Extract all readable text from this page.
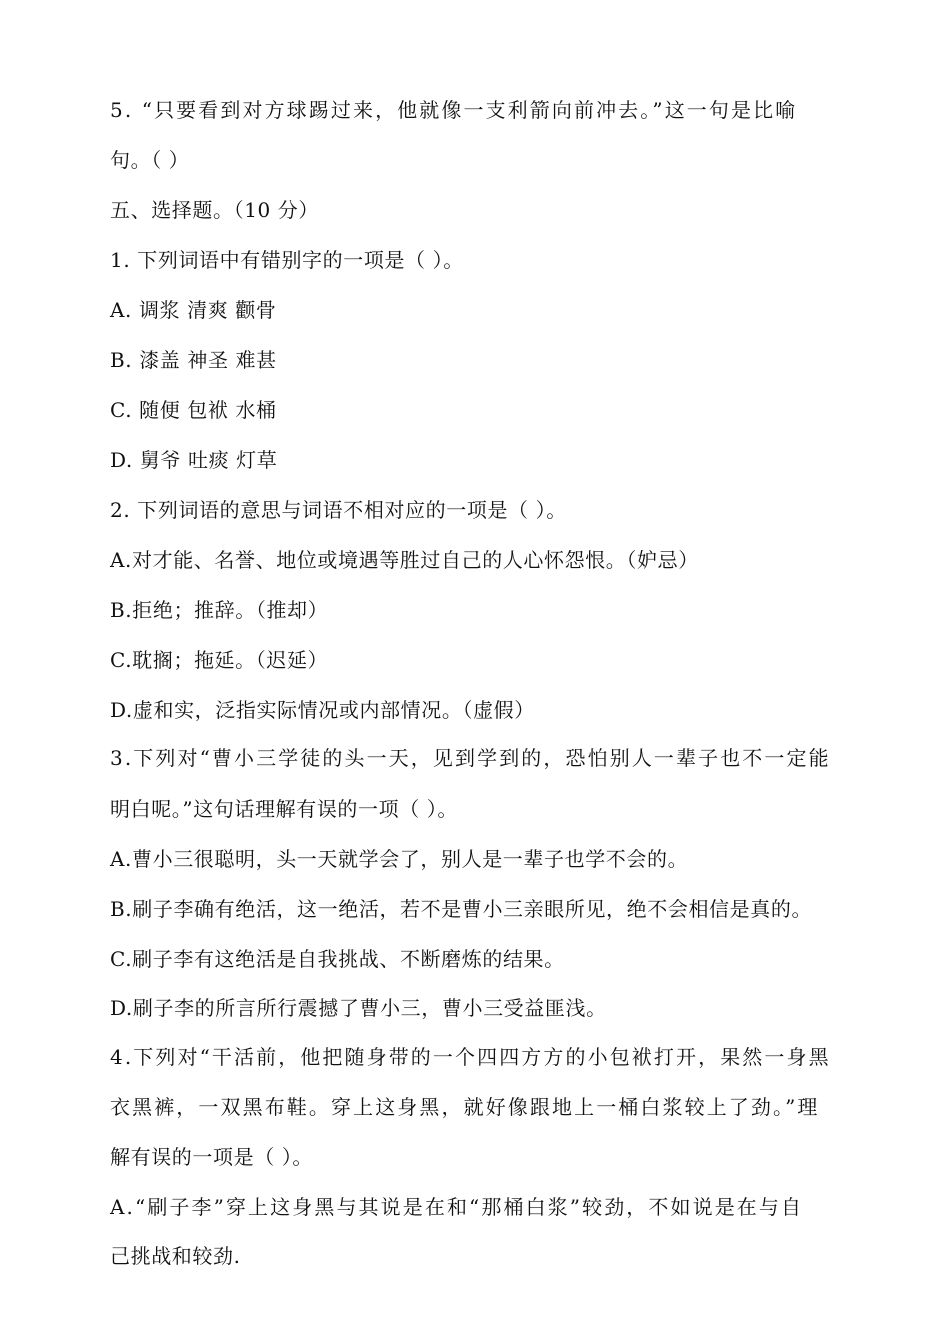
5. “只要看到对方球踢过来，他就像一支利箭向前冲去。”这一句是比喻
句。（ ）
五、选择题。（10 分）
1. 下列词语中有错别字的一项是（ ）。
A. 调浆 清爽 颧骨
B. 漆盖 神圣 难甚
C. 随便 包袱 水桶
D. 舅爷 吐痰 灯草
2. 下列词语的意思与词语不相对应的一项是（ ）。
A.对才能、名誉、地位或境遇等胜过自己的人心怀怨恨。（妒忌）
B.拒绝；推辞。（推却）
C.耽搁；拖延。（迟延）
D.虚和实，泛指实际情况或内部情况。（虚假）
3.下列对“曹小三学徒的头一天，见到学到的，恐怕别人一辈子也不一定能
明白呢。”这句话理解有误的一项（ ）。
A.曹小三很聪明，头一天就学会了，别人是一辈子也学不会的。
B.刷子李确有绝活，这一绝活，若不是曹小三亲眼所见，绝不会相信是真的。
C.刷子李有这绝活是自我挑战、不断磨炼的结果。
D.刷子李的所言所行震撼了曹小三，曹小三受益匪浅。
4.下列对“干活前，他把随身带的一个四四方方的小包袱打开，果然一身黑
衣黑裤，一双黑布鞋。穿上这身黑，就好像跟地上一桶白浆较上了劲。”理
解有误的一项是（ ）。
A.“刷子李”穿上这身黑与其说是在和“那桶白浆”较劲，不如说是在与自
己挑战和较劲.
